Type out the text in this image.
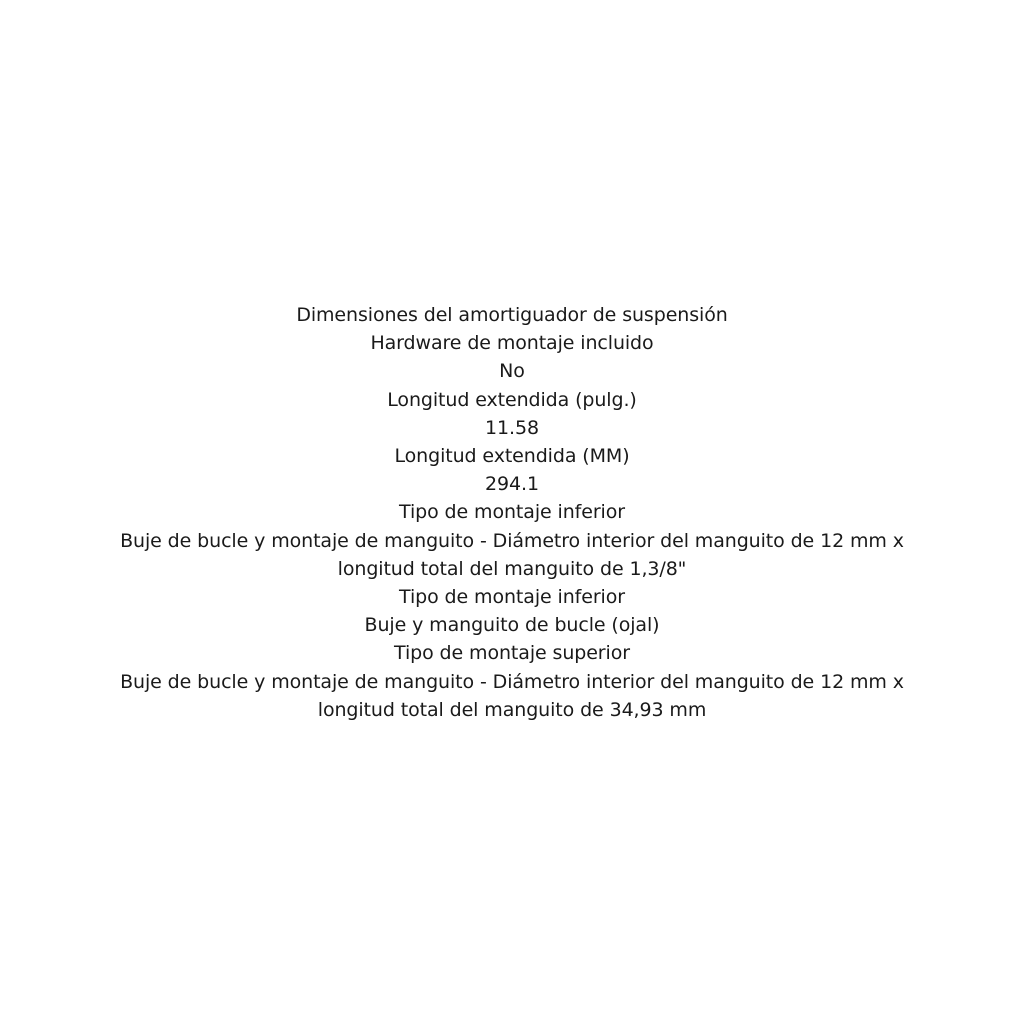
Dimensiones del amortiguador de suspensión
Hardware de montaje incluido
No
Longitud extendida (pulg.)
11.58
Longitud extendida (MM)
294.1
Tipo de montaje inferior
Buje de bucle y montaje de manguito - Diámetro interior del manguito de 12 mm x
longitud total del manguito de 1,3/8"
Tipo de montaje inferior
Buje y manguito de bucle (ojal)
Tipo de montaje superior
Buje de bucle y montaje de manguito - Diámetro interior del manguito de 12 mm x
longitud total del manguito de 34,93 mm
